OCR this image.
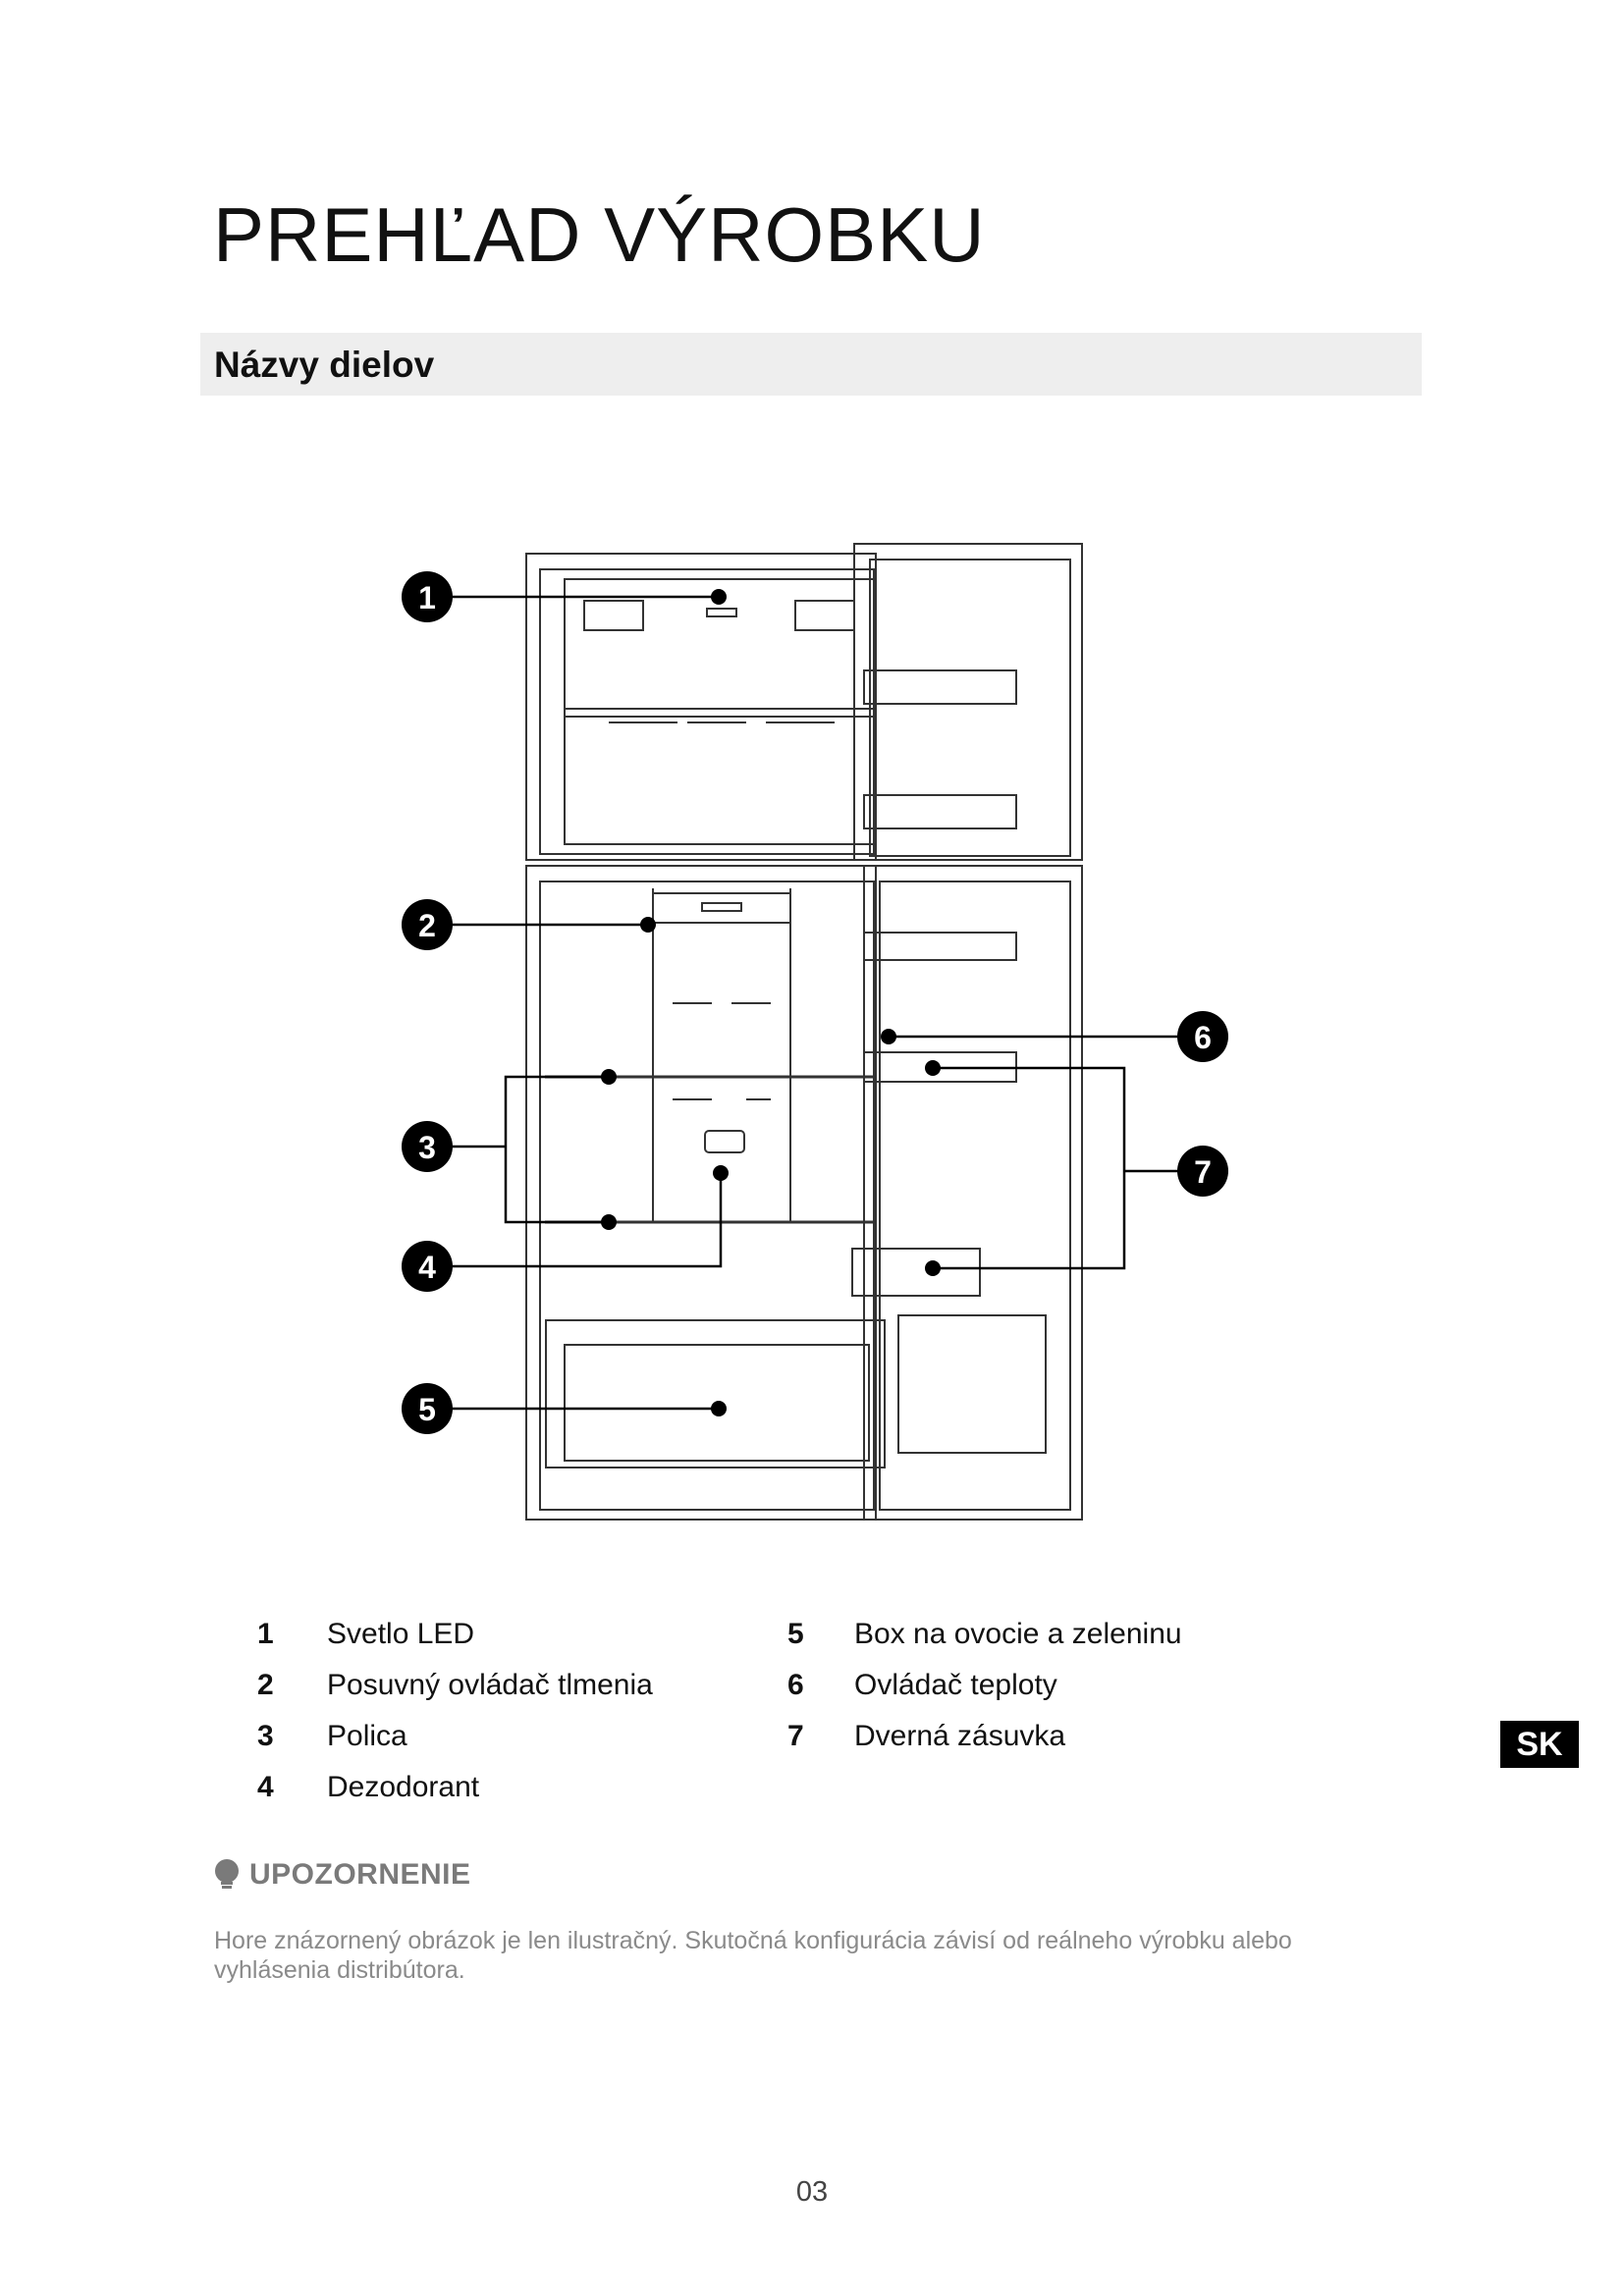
PREHĽAD VÝROBKU
Názvy dielov
1
2
3
4
5
6
7
1 Svetlo LED
2 Posuvný ovládač tlmenia
3 Polica
4 Dezodorant
5 Box na ovocie a zeleninu
6 Ovládač teploty
7 Dverná zásuvka	SK
UPOZORNENIE

Hore znázornený obrázok je len ilustračný. Skutočná konfigurácia závisí od reálneho výrobku alebo vyhlásenia distribútora.

03
